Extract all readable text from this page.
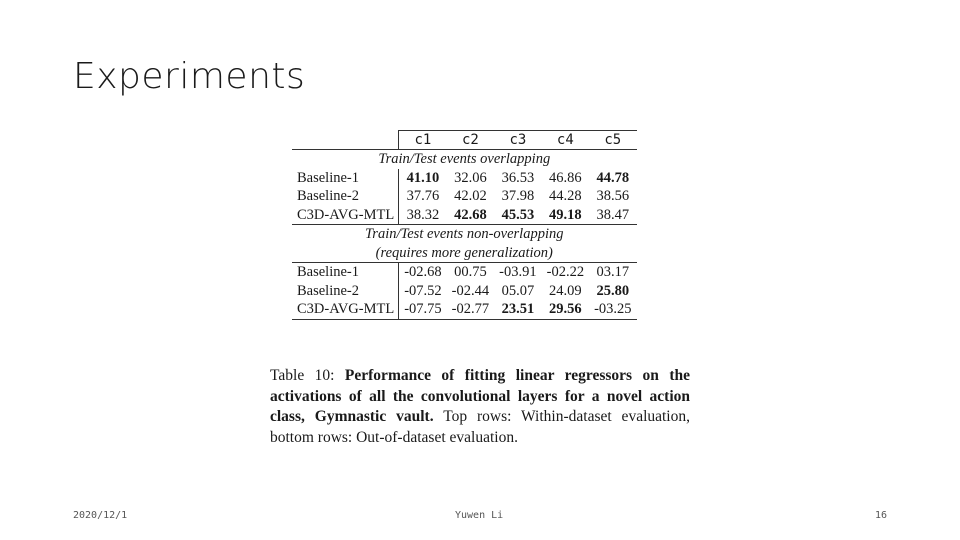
Experiments
	c1	c2	c3	c4	c5
Train/Test events overlapping					
Baseline-1	41.10	32.06	36.53	46.86	44.78
Baseline-2	37.76	42.02	37.98	44.28	38.56
C3D-AVG-MTL	38.32	42.68	45.53	49.18	38.47
Train/Test events non-overlapping					
(requires more generalization)					
Baseline-1	-02.68	00.75	-03.91	-02.22	03.17
Baseline-2	-07.52	-02.44	05.07	24.09	25.80
C3D-AVG-MTL	-07.75	-02.77	23.51	29.56	-03.25
Table 10: Performance of fitting linear regressors on the activations of all the convolutional layers for a novel action class, Gymnastic vault. Top rows: Within-dataset evaluation, bottom rows: Out-of-dataset evaluation.
2020/12/1	Yuwen Li	16
